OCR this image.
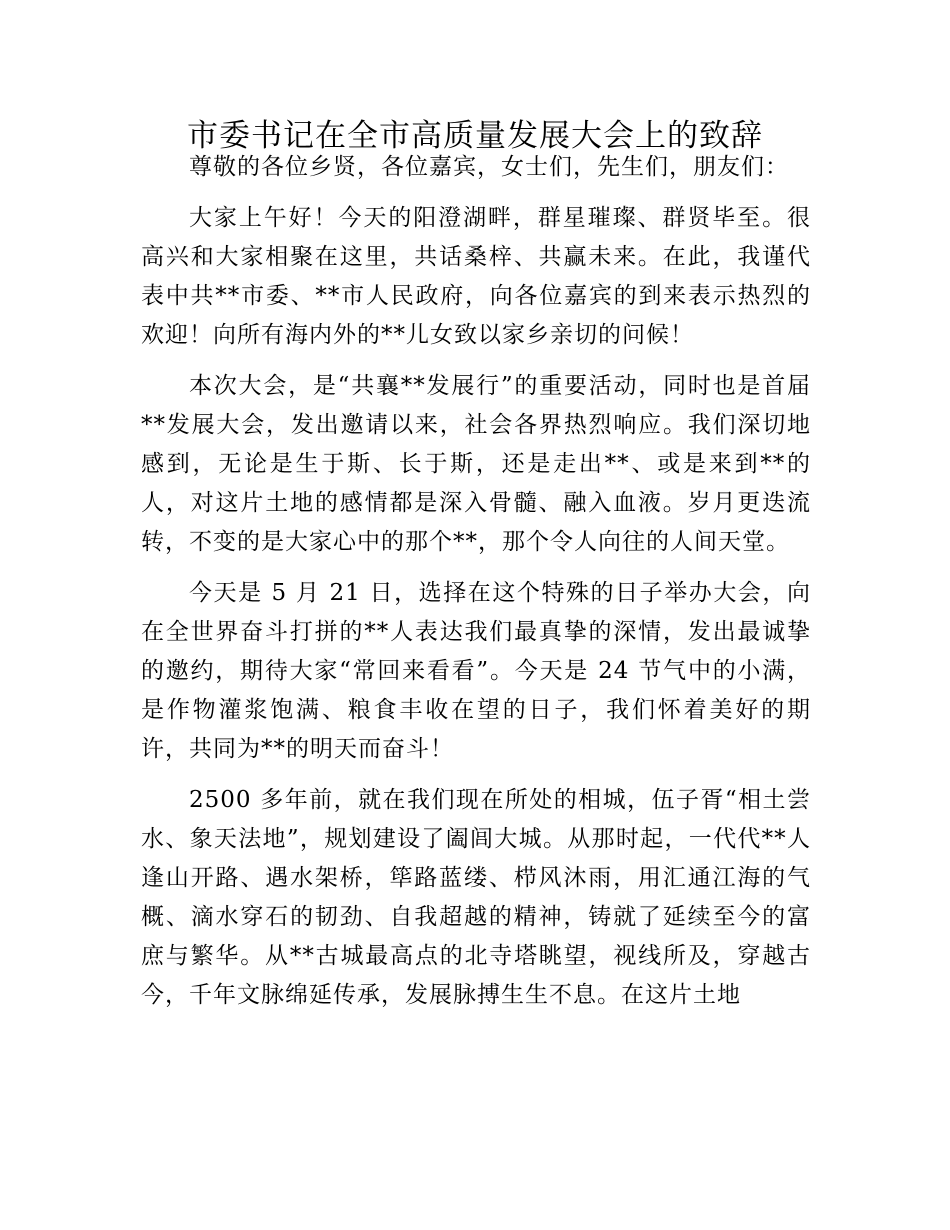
市委书记在全市高质量发展大会上的致辞

尊敬的各位乡贤，各位嘉宾，女士们，先生们，朋友们：

大家上午好！今天的阳澄湖畔，群星璀璨、群贤毕至。很高兴和大家相聚在这里，共话桑梓、共赢未来。在此，我谨代表中共**市委、**市人民政府，向各位嘉宾的到来表示热烈的欢迎！向所有海内外的**儿女致以家乡亲切的问候！

本次大会，是“共襄**发展行”的重要活动，同时也是首届**发展大会，发出邀请以来，社会各界热烈响应。我们深切地感到，无论是生于斯、长于斯，还是走出**、或是来到**的人，对这片土地的感情都是深入骨髓、融入血液。岁月更迭流转，不变的是大家心中的那个**，那个令人向往的人间天堂。

今天是 5 月 21 日，选择在这个特殊的日子举办大会，向在全世界奋斗打拼的**人表达我们最真挚的深情，发出最诚挚的邀约，期待大家“常回来看看”。今天是 24 节气中的小满，是作物灌浆饱满、粮食丰收在望的日子，我们怀着美好的期许，共同为**的明天而奋斗！

2500 多年前，就在我们现在所处的相城，伍子胥“相土尝水、象天法地”，规划建设了阖闾大城。从那时起，一代代**人逢山开路、遇水架桥，筚路蓝缕、栉风沐雨，用汇通江海的气概、滴水穿石的韧劲、自我超越的精神，铸就了延续至今的富庶与繁华。从**古城最高点的北寺塔眺望，视线所及，穿越古今，千年文脉绵延传承，发展脉搏生生不息。在这片土地
